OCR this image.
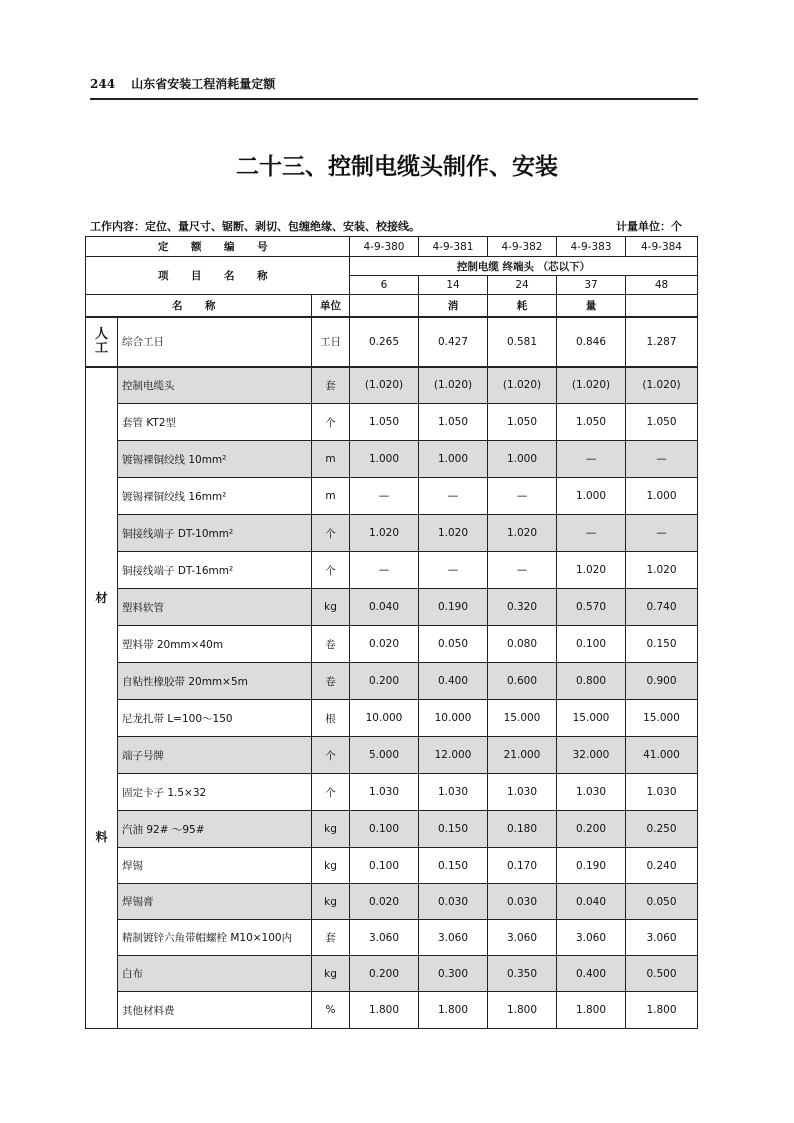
244 山东省安装工程消耗量定额
二十三、控制电缆头制作、安装
工作内容：定位、量尺寸、锯断、剥切、包缠绝缘、安装、校接线。	计量单位：个
定 额 编 号			4-9-380	4-9-381	4-9-382	4-9-383	4-9-384
项 目 名 称			控制电缆 终端头 （芯以下）				
			6	14	24	37	48
名 称		单位		消	耗	量	

人工	综合工日	工日	0.265	0.427	0.581	0.846	1.287

材
料	控制电缆头	套	(1.020)	(1.020)	(1.020)	(1.020)	(1.020)
	套管 KT2型	个	1.050	1.050	1.050	1.050	1.050
	镀锡裸铜绞线 10mm²	m	1.000	1.000	1.000	—	—
	镀锡裸铜绞线 16mm²	m	—	—	—	1.000	1.000
	铜接线端子 DT-10mm²	个	1.020	1.020	1.020	—	—
	铜接线端子 DT-16mm²	个	—	—	—	1.020	1.020
	塑料软管	kg	0.040	0.190	0.320	0.570	0.740
	塑料带 20mm×40m	卷	0.020	0.050	0.080	0.100	0.150
	自粘性橡胶带 20mm×5m	卷	0.200	0.400	0.600	0.800	0.900
	尼龙扎带 L=100～150	根	10.000	10.000	15.000	15.000	15.000
	端子号牌	个	5.000	12.000	21.000	32.000	41.000
	固定卡子 1.5×32	个	1.030	1.030	1.030	1.030	1.030
	汽油 92# ～95#	kg	0.100	0.150	0.180	0.200	0.250
	焊锡	kg	0.100	0.150	0.170	0.190	0.240
	焊锡膏	kg	0.020	0.030	0.030	0.040	0.050
	精制镀锌六角带帽螺栓 M10×100内	套	3.060	3.060	3.060	3.060	3.060
	白布	kg	0.200	0.300	0.350	0.400	0.500
	其他材料费	%	1.800	1.800	1.800	1.800	1.800
